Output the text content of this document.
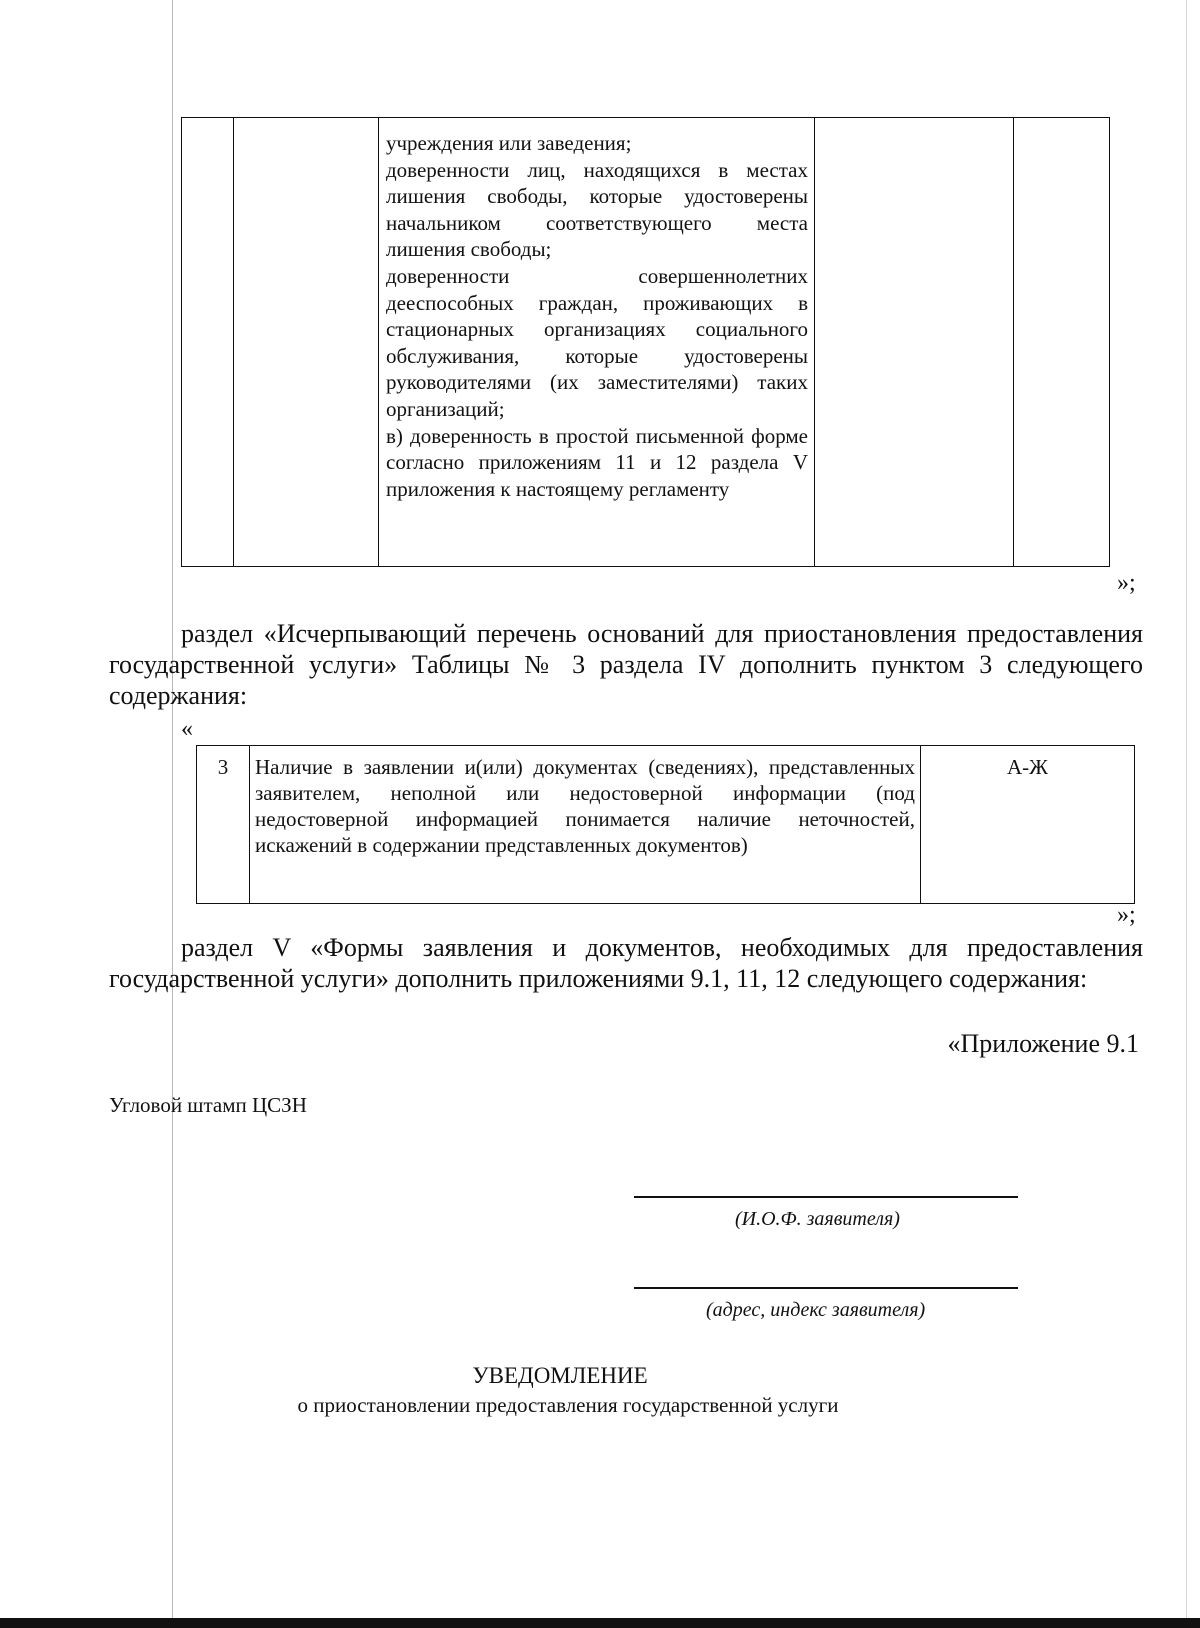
учреждения или заведения;

доверенности лиц, находящихся в местах лишения свободы, которые удостоверены начальником соответствующего места лишения свободы;

доверенности совершеннолетних дееспособных граждан, проживающих в стационарных организациях социального обслуживания, которые удостоверены руководителями (их заместителями) таких организаций;

в) доверенность в простой письменной форме согласно приложениям 11 и 12 раздела V приложения к настоящему регламенту

»;

раздел «Исчерпывающий перечень оснований для приостановления предоставления государственной услуги» Таблицы № 3 раздела IV дополнить пунктом 3 следующего содержания:

«
3	Наличие в заявлении и(или) документах (сведениях), представленных заявителем, неполной или недостоверной информации (под недостоверной информацией понимается наличие неточностей, искажений в содержании представленных документов)	А-Ж
»;

раздел V «Формы заявления и документов, необходимых для предоставления государственной услуги» дополнить приложениями 9.1, 11, 12 следующего содержания:

«Приложение 9.1
Угловой штамп ЦСЗН
(И.О.Ф. заявителя)
(адрес, индекс заявителя)
УВЕДОМЛЕНИЕ
о приостановлении предоставления государственной услуги
